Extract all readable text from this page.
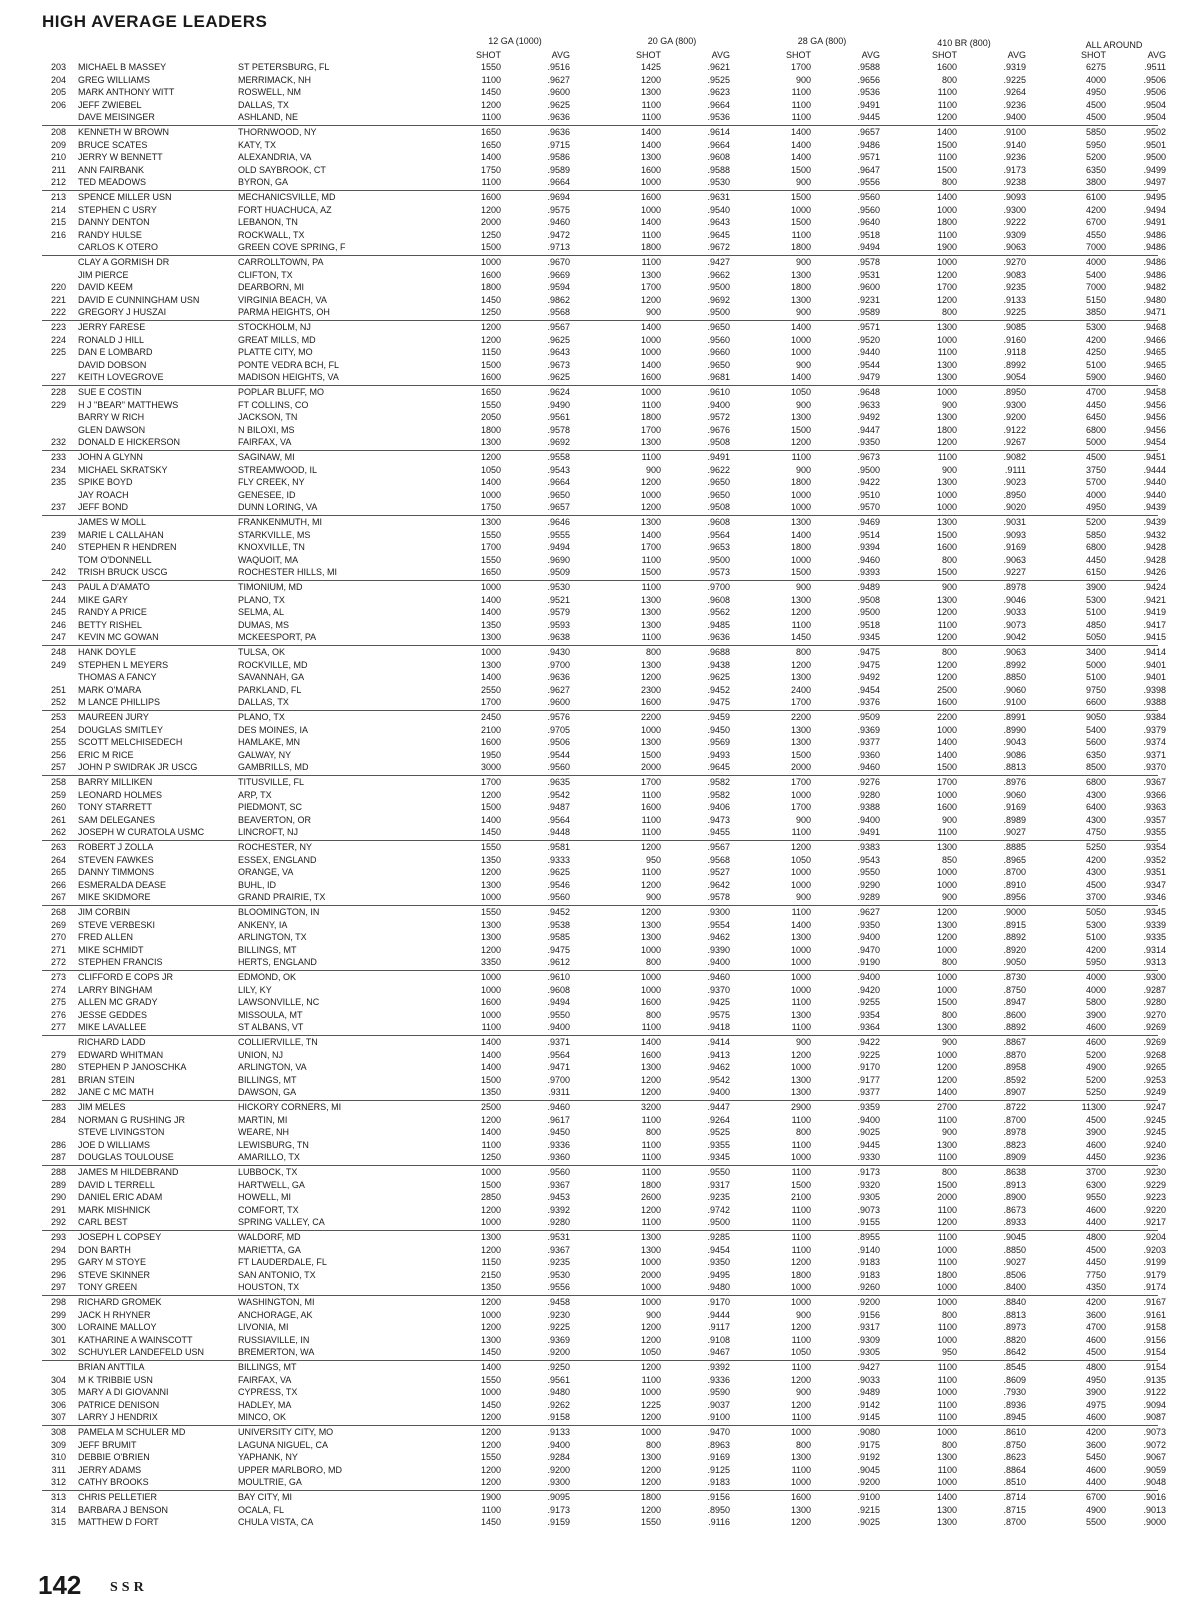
HIGH AVERAGE LEADERS
12 GA (1000)	20 GA (800)	28 GA (800)	410 BR (800)	ALL AROUND
SHOT	AVG	SHOT	AVG	SHOT	AVG	SHOT	AVG	SHOT	AVG
203 MICHAEL B MASSEY	ST PETERSBURG, FL	1550	.9516	1425	.9621	1700	.9588	1600	.9319	6275	.9511
204 GREG WILLIAMS	MERRIMACK, NH	1100	.9627	1200	.9525	900	.9656	800	.9225	4000	.9506
205 MARK ANTHONY WITT	ROSWELL, NM	1450	.9600	1300	.9623	1100	.9536	1100	.9264	4950	.9506
206 JEFF ZWIEBEL	DALLAS, TX	1200	.9625	1100	.9664	1100	.9491	1100	.9236	4500	.9504
DAVE MEISINGER	ASHLAND, NE	1100	.9636	1100	.9536	1100	.9445	1200	.9400	4500	.9504
208 KENNETH W BROWN	THORNWOOD, NY	1650	.9636	1400	.9614	1400	.9657	1400	.9100	5850	.9502
209 BRUCE SCATES	KATY, TX	1650	.9715	1400	.9664	1400	.9486	1500	.9140	5950	.9501
210 JERRY W BENNETT	ALEXANDRIA, VA	1400	.9586	1300	.9608	1400	.9571	1100	.9236	5200	.9500
211 ANN FAIRBANK	OLD SAYBROOK, CT	1750	.9589	1600	.9588	1500	.9647	1500	.9173	6350	.9499
212 TED MEADOWS	BYRON, GA	1100	.9664	1000	.9530	900	.9556	800	.9238	3800	.9497
213 SPENCE MILLER USN	MECHANICSVILLE, MD	1600	.9694	1600	.9631	1500	.9560	1400	.9093	6100	.9495
214 STEPHEN C USRY	FORT HUACHUCA, AZ	1200	.9575	1000	.9540	1000	.9560	1000	.9300	4200	.9494
215 DANNY DENTON	LEBANON, TN	2000	.9460	1400	.9643	1500	.9640	1800	.9222	6700	.9491
216 RANDY HULSE	ROCKWALL, TX	1250	.9472	1100	.9645	1100	.9518	1100	.9309	4550	.9486
CARLOS K OTERO	GREEN COVE SPRING, F	1500	.9713	1800	.9672	1800	.9494	1900	.9063	7000	.9486
CLAY A GORMISH DR	CARROLLTOWN, PA	1000	.9670	1100	.9427	900	.9578	1000	.9270	4000	.9486
JIM PIERCE	CLIFTON, TX	1600	.9669	1300	.9662	1300	.9531	1200	.9083	5400	.9486
220 DAVID KEEM	DEARBORN, MI	1800	.9594	1700	.9500	1800	.9600	1700	.9235	7000	.9482
221 DAVID E CUNNINGHAM USN	VIRGINIA BEACH, VA	1450	.9862	1200	.9692	1300	.9231	1200	.9133	5150	.9480
222 GREGORY J HUSZAI	PARMA HEIGHTS, OH	1250	.9568	900	.9500	900	.9589	800	.9225	3850	.9471
223 JERRY FARESE	STOCKHOLM, NJ	1200	.9567	1400	.9650	1400	.9571	1300	.9085	5300	.9468
224 RONALD J HILL	GREAT MILLS, MD	1200	.9625	1000	.9560	1000	.9520	1000	.9160	4200	.9466
225 DAN E LOMBARD	PLATTE CITY, MO	1150	.9643	1000	.9660	1000	.9440	1100	.9118	4250	.9465
DAVID DOBSON	PONTE VEDRA BCH, FL	1500	.9673	1400	.9650	900	.9544	1300	.8992	5100	.9465
227 KEITH LOVEGROVE	MADISON HEIGHTS, VA	1600	.9625	1600	.9681	1400	.9479	1300	.9054	5900	.9460
228 SUE E COSTIN	POPLAR BLUFF, MO	1650	.9624	1000	.9610	1050	.9648	1000	.8950	4700	.9458
229 H J "BEAR" MATTHEWS	FT COLLINS, CO	1550	.9490	1100	.9400	900	.9633	900	.9300	4450	.9456
BARRY W RICH	JACKSON, TN	2050	.9561	1800	.9572	1300	.9492	1300	.9200	6450	.9456
GLEN DAWSON	N BILOXI, MS	1800	.9578	1700	.9676	1500	.9447	1800	.9122	6800	.9456
232 DONALD E HICKERSON	FAIRFAX, VA	1300	.9692	1300	.9508	1200	.9350	1200	.9267	5000	.9454
233 JOHN A GLYNN	SAGINAW, MI	1200	.9558	1100	.9491	1100	.9673	1100	.9082	4500	.9451
234 MICHAEL SKRATSKY	STREAMWOOD, IL	1050	.9543	900	.9622	900	.9500	900	.9111	3750	.9444
235 SPIKE BOYD	FLY CREEK, NY	1400	.9664	1200	.9650	1800	.9422	1300	.9023	5700	.9440
JAY ROACH	GENESEE, ID	1000	.9650	1000	.9650	1000	.9510	1000	.8950	4000	.9440
237 JEFF BOND	DUNN LORING, VA	1750	.9657	1200	.9508	1000	.9570	1000	.9020	4950	.9439
JAMES W MOLL	FRANKENMUTH, MI	1300	.9646	1300	.9608	1300	.9469	1300	.9031	5200	.9439
239 MARIE L CALLAHAN	STARKVILLE, MS	1550	.9555	1400	.9564	1400	.9514	1500	.9093	5850	.9432
240 STEPHEN R HENDREN	KNOXVILLE, TN	1700	.9494	1700	.9653	1800	.9394	1600	.9169	6800	.9428
TOM O'DONNELL	WAQUOIT, MA	1550	.9690	1100	.9500	1000	.9460	800	.9063	4450	.9428
242 TRISH BRUCK USCG	ROCHESTER HILLS, MI	1650	.9509	1500	.9573	1500	.9393	1500	.9227	6150	.9426
243 PAUL A D'AMATO	TIMONIUM, MD	1000	.9530	1100	.9700	900	.9489	900	.8978	3900	.9424
244 MIKE GARY	PLANO, TX	1400	.9521	1300	.9608	1300	.9508	1300	.9046	5300	.9421
245 RANDY A PRICE	SELMA, AL	1400	.9579	1300	.9562	1200	.9500	1200	.9033	5100	.9419
246 BETTY RISHEL	DUMAS, MS	1350	.9593	1300	.9485	1100	.9518	1100	.9073	4850	.9417
247 KEVIN MC GOWAN	MCKEESPORT, PA	1300	.9638	1100	.9636	1450	.9345	1200	.9042	5050	.9415
248 HANK DOYLE	TULSA, OK	1000	.9430	800	.9688	800	.9475	800	.9063	3400	.9414
249 STEPHEN L MEYERS	ROCKVILLE, MD	1300	.9700	1300	.9438	1200	.9475	1200	.8992	5000	.9401
THOMAS A FANCY	SAVANNAH, GA	1400	.9636	1200	.9625	1300	.9492	1200	.8850	5100	.9401
251 MARK O'MARA	PARKLAND, FL	2550	.9627	2300	.9452	2400	.9454	2500	.9060	9750	.9398
252 M LANCE PHILLIPS	DALLAS, TX	1700	.9600	1600	.9475	1700	.9376	1600	.9100	6600	.9388
253 MAUREEN JURY	PLANO, TX	2450	.9576	2200	.9459	2200	.9509	2200	.8991	9050	.9384
254 DOUGLAS SMITLEY	DES MOINES, IA	2100	.9705	1000	.9450	1300	.9369	1000	.8990	5400	.9379
255 SCOTT MELCHISEDECH	HAMLAKE, MN	1600	.9506	1300	.9569	1300	.9377	1400	.9043	5600	.9374
256 ERIC M RICE	GALWAY, NY	1950	.9544	1500	.9493	1500	.9360	1400	.9086	6350	.9371
257 JOHN P SWIDRAK JR USCG	GAMBRILLS, MD	3000	.9560	2000	.9645	2000	.9460	1500	.8813	8500	.9370
258 BARRY MILLIKEN	TITUSVILLE, FL	1700	.9635	1700	.9582	1700	.9276	1700	.8976	6800	.9367
259 LEONARD HOLMES	ARP, TX	1200	.9542	1100	.9582	1000	.9280	1000	.9060	4300	.9366
260 TONY STARRETT	PIEDMONT, SC	1500	.9487	1600	.9406	1700	.9388	1600	.9169	6400	.9363
261 SAM DELEGANES	BEAVERTON, OR	1400	.9564	1100	.9473	900	.9400	900	.8989	4300	.9357
262 JOSEPH W CURATOLA USMC	LINCROFT, NJ	1450	.9448	1100	.9455	1100	.9491	1100	.9027	4750	.9355
263 ROBERT J ZOLLA	ROCHESTER, NY	1550	.9581	1200	.9567	1200	.9383	1300	.8885	5250	.9354
264 STEVEN FAWKES	ESSEX, ENGLAND	1350	.9333	950	.9568	1050	.9543	850	.8965	4200	.9352
265 DANNY TIMMONS	ORANGE, VA	1200	.9625	1100	.9527	1000	.9550	1000	.8700	4300	.9351
266 ESMERALDA DEASE	BUHL, ID	1300	.9546	1200	.9642	1000	.9290	1000	.8910	4500	.9347
267 MIKE SKIDMORE	GRAND PRAIRIE, TX	1000	.9560	900	.9578	900	.9289	900	.8956	3700	.9346
268 JIM CORBIN	BLOOMINGTON, IN	1550	.9452	1200	.9300	1100	.9627	1200	.9000	5050	.9345
269 STEVE VERBESKI	ANKENY, IA	1300	.9538	1300	.9554	1400	.9350	1300	.8915	5300	.9339
270 FRED ALLEN	ARLINGTON, TX	1300	.9585	1300	.9462	1300	.9400	1200	.8892	5100	.9335
271 MIKE SCHMIDT	BILLINGS, MT	1200	.9475	1000	.9390	1000	.9470	1000	.8920	4200	.9314
272 STEPHEN FRANCIS	HERTS, ENGLAND	3350	.9612	800	.9400	1000	.9190	800	.9050	5950	.9313
273 CLIFFORD E COPS JR	EDMOND, OK	1000	.9610	1000	.9460	1000	.9400	1000	.8730	4000	.9300
274 LARRY BINGHAM	LILY, KY	1000	.9608	1000	.9370	1000	.9420	1000	.8750	4000	.9287
275 ALLEN MC GRADY	LAWSONVILLE, NC	1600	.9494	1600	.9425	1100	.9255	1500	.8947	5800	.9280
276 JESSE GEDDES	MISSOULA, MT	1000	.9550	800	.9575	1300	.9354	800	.8600	3900	.9270
277 MIKE LAVALLEE	ST ALBANS, VT	1100	.9400	1100	.9418	1100	.9364	1300	.8892	4600	.9269
RICHARD LADD	COLLIERVILLE, TN	1400	.9371	1400	.9414	900	.9422	900	.8867	4600	.9269
279 EDWARD WHITMAN	UNION, NJ	1400	.9564	1600	.9413	1200	.9225	1000	.8870	5200	.9268
280 STEPHEN P JANOSCHKA	ARLINGTON, VA	1400	.9471	1300	.9462	1000	.9170	1200	.8958	4900	.9265
281 BRIAN STEIN	BILLINGS, MT	1500	.9700	1200	.9542	1300	.9177	1200	.8592	5200	.9253
282 JANE C MC MATH	DAWSON, GA	1350	.9311	1200	.9400	1300	.9377	1400	.8907	5250	.9249
283 JIM MELES	HICKORY CORNERS, MI	2500	.9460	3200	.9447	2900	.9359	2700	.8722	11300	.9247
284 NORMAN G RUSHING JR	MARTIN, MI	1200	.9617	1100	.9264	1100	.9400	1100	.8700	4500	.9245
STEVE LIVINGSTON	WEARE, NH	1400	.9450	800	.9525	800	.9025	900	.8978	3900	.9245
286 JOE D WILLIAMS	LEWISBURG, TN	1100	.9336	1100	.9355	1100	.9445	1300	.8823	4600	.9240
287 DOUGLAS TOULOUSE	AMARILLO, TX	1250	.9360	1100	.9345	1000	.9330	1100	.8909	4450	.9236
288 JAMES M HILDEBRAND	LUBBOCK, TX	1000	.9560	1100	.9550	1100	.9173	800	.8638	3700	.9230
289 DAVID L TERRELL	HARTWELL, GA	1500	.9367	1800	.9317	1500	.9320	1500	.8913	6300	.9229
290 DANIEL ERIC ADAM	HOWELL, MI	2850	.9453	2600	.9235	2100	.9305	2000	.8900	9550	.9223
291 MARK MISHNICK	COMFORT, TX	1200	.9392	1200	.9742	1100	.9073	1100	.8673	4600	.9220
292 CARL BEST	SPRING VALLEY, CA	1000	.9280	1100	.9500	1100	.9155	1200	.8933	4400	.9217
293 JOSEPH L COPSEY	WALDORF, MD	1300	.9531	1300	.9285	1100	.8955	1100	.9045	4800	.9204
294 DON BARTH	MARIETTA, GA	1200	.9367	1300	.9454	1100	.9140	1000	.8850	4500	.9203
295 GARY M STOYE	FT LAUDERDALE, FL	1150	.9235	1000	.9350	1200	.9183	1100	.9027	4450	.9199
296 STEVE SKINNER	SAN ANTONIO, TX	2150	.9530	2000	.9495	1800	.9183	1800	.8506	7750	.9179
297 TONY GREEN	HOUSTON, TX	1350	.9556	1000	.9480	1000	.9260	1000	.8400	4350	.9174
298 RICHARD GROMEK	WASHINGTON, MI	1200	.9458	1000	.9170	1000	.9200	1000	.8840	4200	.9167
299 JACK H RHYNER	ANCHORAGE, AK	1000	.9230	900	.9444	900	.9156	800	.8813	3600	.9161
300 LORAINE MALLOY	LIVONIA, MI	1200	.9225	1200	.9117	1200	.9317	1100	.8973	4700	.9158
301 KATHARINE A WAINSCOTT	RUSSIAVILLE, IN	1300	.9369	1200	.9108	1100	.9309	1000	.8820	4600	.9156
302 SCHUYLER LANDEFELD USN	BREMERTON, WA	1450	.9200	1050	.9467	1050	.9305	950	.8642	4500	.9154
BRIAN ANTTILA	BILLINGS, MT	1400	.9250	1200	.9392	1100	.9427	1100	.8545	4800	.9154
304 M K TRIBBIE USN	FAIRFAX, VA	1550	.9561	1100	.9336	1200	.9033	1100	.8609	4950	.9135
305 MARY A DI GIOVANNI	CYPRESS, TX	1000	.9480	1000	.9590	900	.9489	1000	.7930	3900	.9122
306 PATRICE DENISON	HADLEY, MA	1450	.9262	1225	.9037	1200	.9142	1100	.8936	4975	.9094
307 LARRY J HENDRIX	MINCO, OK	1200	.9158	1200	.9100	1100	.9145	1100	.8945	4600	.9087
308 PAMELA M SCHULER MD	UNIVERSITY CITY, MO	1200	.9133	1000	.9470	1000	.9080	1000	.8610	4200	.9073
309 JEFF BRUMIT	LAGUNA NIGUEL, CA	1200	.9400	800	.8963	800	.9175	800	.8750	3600	.9072
310 DEBBIE O'BRIEN	YAPHANK, NY	1550	.9284	1300	.9169	1300	.9192	1300	.8623	5450	.9067
311 JERRY ADAMS	UPPER MARLBORO, MD	1200	.9200	1200	.9125	1100	.9045	1100	.8864	4600	.9059
312 CATHY BROOKS	MOULTRIE, GA	1200	.9300	1200	.9183	1000	.9200	1000	.8510	4400	.9048
313 CHRIS PELLETIER	BAY CITY, MI	1900	.9095	1800	.9156	1600	.9100	1400	.8714	6700	.9016
314 BARBARA J BENSON	OCALA, FL	1100	.9173	1200	.8950	1300	.9215	1300	.8715	4900	.9013
315 MATTHEW D FORT	CHULA VISTA, CA	1450	.9159	1550	.9116	1200	.9025	1300	.8700	5500	.9000
142 SSR
